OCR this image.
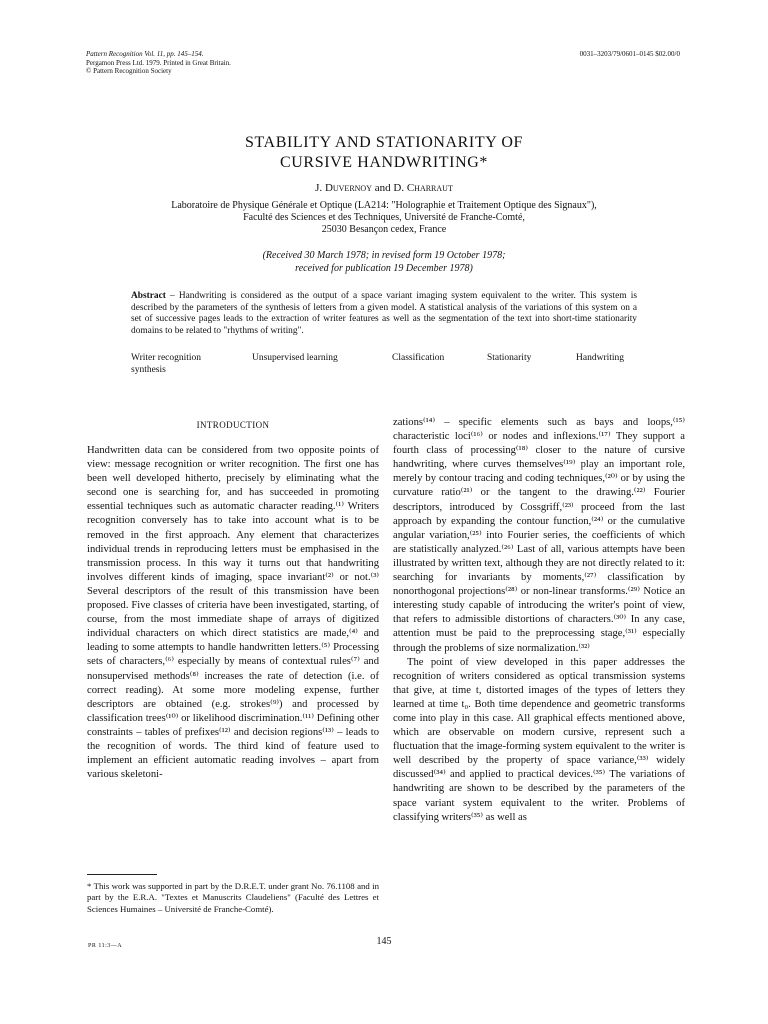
Pattern Recognition Vol. 11, pp. 145–154.
Pergamon Press Ltd. 1979. Printed in Great Britain.
© Pattern Recognition Society
0031–3203/79/0601–0145 $02.00/0
STABILITY AND STATIONARITY OF
CURSIVE HANDWRITING*
J. Duvernoy and D. Charraut
Laboratoire de Physique Générale et Optique (LA214: "Holographie et Traitement Optique des Signaux"),
Faculté des Sciences et des Techniques, Université de Franche-Comté,
25030 Besançon cedex, France
(Received 30 March 1978; in revised form 19 October 1978;
received for publication 19 December 1978)
Abstract – Handwriting is considered as the output of a space variant imaging system equivalent to the writer. This system is described by the parameters of the synthesis of letters from a given model. A statistical analysis of the variations of this system on a set of successive pages leads to the extraction of writer features as well as the segmentation of the text into short-time stationarity domains to be related to "rhythms of writing".
Writer recognition
synthesis
Unsupervised learning	Classification	Stationarity	Handwriting
INTRODUCTION

Handwritten data can be considered from two opposite points of view: message recognition or writer recognition. The first one has been well developed hitherto, precisely by eliminating what the second one is searching for, and has succeeded in promoting essential techniques such as automatic character reading.⁽¹⁾ Writers recognition conversely has to take into account what is to be removed in the first approach. Any element that characterizes individual trends in reproducing letters must be emphasised in the transmission process. In this way it turns out that handwriting involves different kinds of imaging, space invariant⁽²⁾ or not.⁽³⁾ Several descriptors of the result of this transmission have been proposed. Five classes of criteria have been investigated, starting, of course, from the most immediate shape of arrays of digitized individual characters on which direct statistics are made,⁽⁴⁾ and leading to some attempts to handle handwritten letters.⁽⁵⁾ Processing sets of characters,⁽⁶⁾ especially by means of contextual rules⁽⁷⁾ and nonsupervised methods⁽⁸⁾ increases the rate of detection (i.e. of correct reading). At some more modeling expense, further descriptors are obtained (e.g. strokes⁽⁹⁾) and processed by classification trees⁽¹⁰⁾ or likelihood discrimination.⁽¹¹⁾ Defining other constraints – tables of prefixes⁽¹²⁾ and decision regions⁽¹³⁾ – leads to the recognition of words. The third kind of feature used to implement an efficient automatic reading involves – apart from various skeletoni-

zations⁽¹⁴⁾ – specific elements such as bays and loops,⁽¹⁵⁾ characteristic loci⁽¹⁶⁾ or nodes and inflexions.⁽¹⁷⁾ They support a fourth class of processing⁽¹⁸⁾ closer to the nature of cursive handwriting, where curves themselves⁽¹⁹⁾ play an important role, merely by contour tracing and coding techniques,⁽²⁰⁾ or by using the curvature ratio⁽²¹⁾ or the tangent to the drawing.⁽²²⁾ Fourier descriptors, introduced by Cossgriff,⁽²³⁾ proceed from the last approach by expanding the contour function,⁽²⁴⁾ or the cumulative angular variation,⁽²⁵⁾ into Fourier series, the coefficients of which are statistically analyzed.⁽²⁶⁾ Last of all, various attempts have been illustrated by written text, although they are not directly related to it: searching for invariants by moments,⁽²⁷⁾ classification by nonorthogonal projections⁽²⁸⁾ or non-linear transforms.⁽²⁹⁾ Notice an interesting study capable of introducing the writer's point of view, that refers to admissible distortions of characters.⁽³⁰⁾ In any case, attention must be paid to the preprocessing stage,⁽³¹⁾ especially through the problems of size normalization.⁽³²⁾

The point of view developed in this paper addresses the recognition of writers considered as optical transmission systems that give, at time t, distorted images of the types of letters they learned at time t₀. Both time dependence and geometric transforms come into play in this case. All graphical effects mentioned above, which are observable on modern cursive, represent such a fluctuation that the image-forming system equivalent to the writer is well described by the property of space variance,⁽³³⁾ widely discussed⁽³⁴⁾ and applied to practical devices.⁽³⁵⁾ The variations of handwriting are shown to be described by the parameters of the space variant system equivalent to the writer. Problems of classifying writers⁽³⁵⁾ as well as

* This work was supported in part by the D.R.E.T. under grant No. 76.1108 and in part by the E.R.A. "Textes et Manuscrits Claudeliens" (Faculté des Lettres et Sciences Humaines – Université de Franche-Comté).
145
PR 11:3—A
